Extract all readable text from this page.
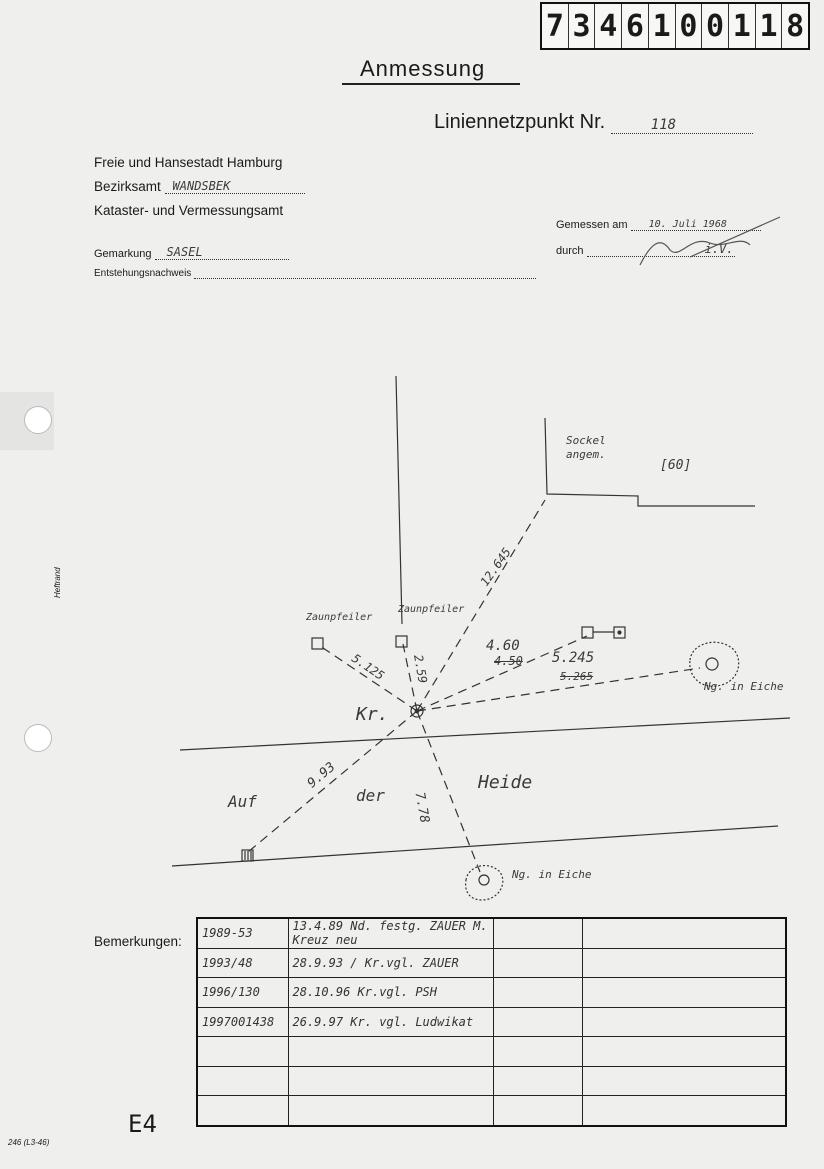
7 3 4 6 1 0 0 1 1 8
Anmessung
Liniennetzpunkt Nr.	118
Freie und Hansestadt Hamburg
Bezirksamt WANDSBEK
Kataster- und Vermessungsamt
Gemarkung SASEL
Entstehungsnachweis
Gemessen am 10. Juli 1968
durch	i.V.
Heftrand
Zaunpfeiler
Zaunpfeiler
Sockel
angem.
[60]
12.645
5.125 2.59
4.60
4.50 5.245
5.265
9.93
7.78
Kr.
Auf	der
Heide
Ng. in Eiche
Ng. in Eiche
Bemerkungen:
1989-53	13.4.89 Nd. festg. ZAUER M. Kreuz neu		
1993/48	28.9.93 / Kr.vgl. ZAUER		
1996/130	28.10.96 Kr.vgl. PSH		
1997001438	26.9.97 Kr. vgl. Ludwikat		

E4
246 (L3-46)
